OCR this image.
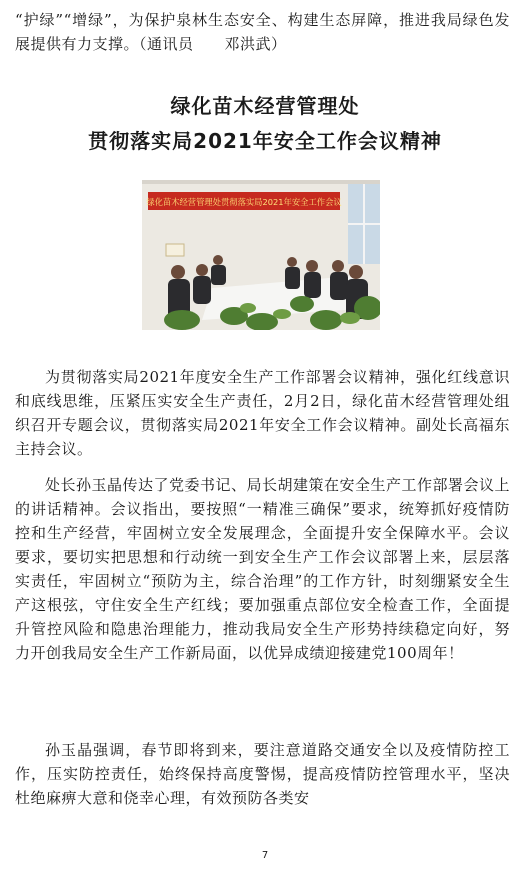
“护绿”“增绿”，为保护泉林生态安全、构建生态屏障，推进我局绿色发展提供有力支撑。（通讯员　　邓洪武）

绿化苗木经营管理处
贯彻落实局2021年安全工作会议精神
绿化苗木经营管理处贯彻落实局2021年安全工作会议

为贯彻落实局2021年度安全生产工作部署会议精神，强化红线意识和底线思维，压紧压实安全生产责任，2月2日，绿化苗木经营管理处组织召开专题会议，贯彻落实局2021年安全工作会议精神。副处长高福东主持会议。

处长孙玉晶传达了党委书记、局长胡建策在安全生产工作部署会议上的讲话精神。会议指出，要按照“一精准三确保”要求，统筹抓好疫情防控和生产经营，牢固树立安全发展理念，全面提升安全保障水平。会议要求，要切实把思想和行动统一到安全生产工作会议部署上来，层层落实责任，牢固树立“预防为主，综合治理”的工作方针，时刻绷紧安全生产这根弦，守住安全生产红线；要加强重点部位安全检查工作，全面提升管控风险和隐患治理能力，推动我局安全生产形势持续稳定向好，努力开创我局安全生产工作新局面，以优异成绩迎接建党100周年！

孙玉晶强调，春节即将到来，要注意道路交通安全以及疫情防控工作，压实防控责任，始终保持高度警惕，提高疫情防控管理水平，坚决杜绝麻痹大意和侥幸心理，有效预防各类安

7
